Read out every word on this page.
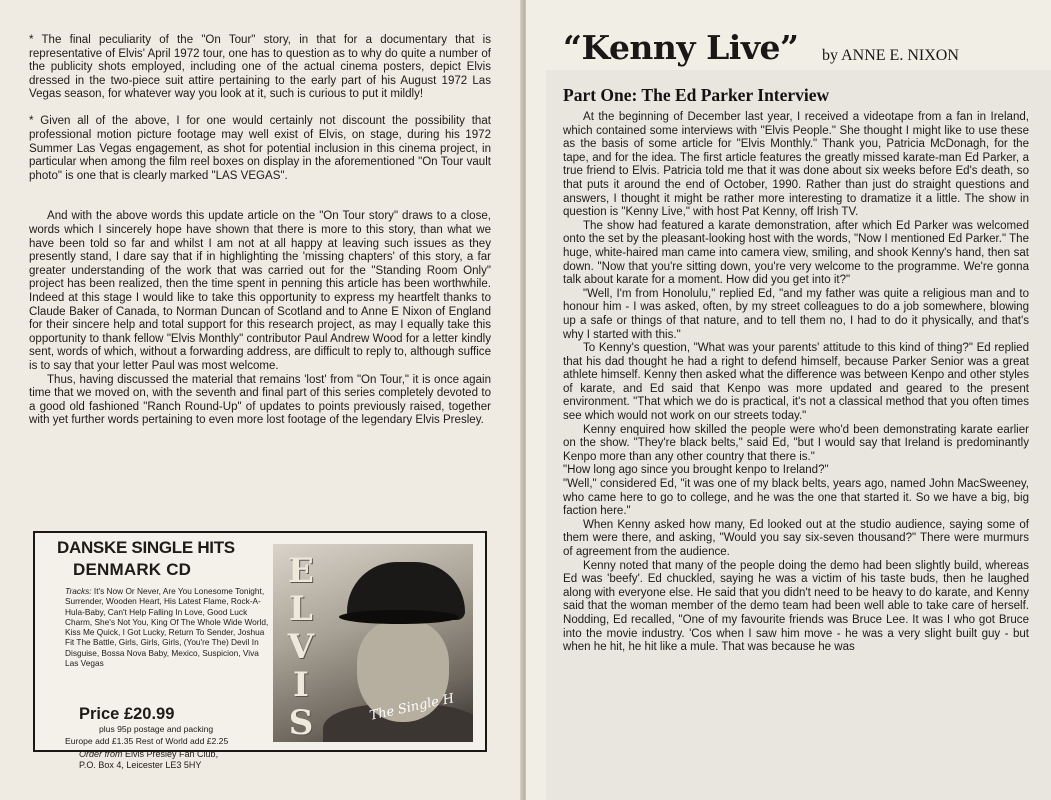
* The final peculiarity of the "On Tour" story, in that for a documentary that is representative of Elvis' April 1972 tour, one has to question as to why do quite a number of the publicity shots employed, including one of the actual cinema posters, depict Elvis dressed in the two-piece suit attire pertaining to the early part of his August 1972 Las Vegas season, for whatever way you look at it, such is curious to put it mildly!

* Given all of the above, I for one would certainly not discount the possibility that professional motion picture footage may well exist of Elvis, on stage, during his 1972 Summer Las Vegas engagement, as shot for potential inclusion in this cinema project, in particular when among the film reel boxes on display in the aforementioned "On Tour vault photo" is one that is clearly marked "LAS VEGAS".

And with the above words this update article on the "On Tour story" draws to a close, words which I sincerely hope have shown that there is more to this story, than what we have been told so far and whilst I am not at all happy at leaving such issues as they presently stand, I dare say that if in highlighting the 'missing chapters' of this story, a far greater understanding of the work that was carried out for the "Standing Room Only" project has been realized, then the time spent in penning this article has been worthwhile. Indeed at this stage I would like to take this opportunity to express my heartfelt thanks to Claude Baker of Canada, to Norman Duncan of Scotland and to Anne E Nixon of England for their sincere help and total support for this research project, as may I equally take this opportunity to thank fellow "Elvis Monthly" contributor Paul Andrew Wood for a letter kindly sent, words of which, without a forwarding address, are difficult to reply to, although suffice is to say that your letter Paul was most welcome.

Thus, having discussed the material that remains 'lost' from "On Tour," it is once again time that we moved on, with the seventh and final part of this series completely devoted to a good old fashioned "Ranch Round-Up" of updates to points previously raised, together with yet further words pertaining to even more lost footage of the legendary Elvis Presley.

DANSKE SINGLE HITS
DENMARK CD
Tracks: It's Now Or Never, Are You Lonesome Tonight, Surrender, Wooden Heart, His Latest Flame, Rock-A-Hula-Baby, Can't Help Falling In Love, Good Luck Charm, She's Not You, King Of The Whole Wide World, Kiss Me Quick, I Got Lucky, Return To Sender, Joshua Fit The Battle, Girls, Girls, Girls, (You're The) Devil In Disguise, Bossa Nova Baby, Mexico, Suspicion, Viva Las Vegas
Price £20.99
plus 95p postage and packing
Europe add £1.35 Rest of World add £2.25
Order from Elvis Presley Fan Club,
P.O. Box 4, Leicester LE3 5HY
E
L
V
I
S	The Single H
“Kenny Live” by ANNE E. NIXON
Part One: The Ed Parker Interview

At the beginning of December last year, I received a videotape from a fan in Ireland, which contained some interviews with "Elvis People." She thought I might like to use these as the basis of some article for "Elvis Monthly." Thank you, Patricia McDonagh, for the tape, and for the idea. The first article features the greatly missed karate-man Ed Parker, a true friend to Elvis. Patricia told me that it was done about six weeks before Ed's death, so that puts it around the end of October, 1990. Rather than just do straight questions and answers, I thought it might be rather more interesting to dramatize it a little. The show in question is "Kenny Live," with host Pat Kenny, off Irish TV.

The show had featured a karate demonstration, after which Ed Parker was welcomed onto the set by the pleasant-looking host with the words, "Now I mentioned Ed Parker." The huge, white-haired man came into camera view, smiling, and shook Kenny's hand, then sat down. "Now that you're sitting down, you're very welcome to the programme. We're gonna talk about karate for a moment. How did you get into it?"

"Well, I'm from Honolulu," replied Ed, "and my father was quite a religious man and to honour him - I was asked, often, by my street colleagues to do a job somewhere, blowing up a safe or things of that nature, and to tell them no, I had to do it physically, and that's why I started with this."

To Kenny's question, "What was your parents' attitude to this kind of thing?" Ed replied that his dad thought he had a right to defend himself, because Parker Senior was a great athlete himself. Kenny then asked what the difference was between Kenpo and other styles of karate, and Ed said that Kenpo was more updated and geared to the present environment. "That which we do is practical, it's not a classical method that you often times see which would not work on our streets today."

Kenny enquired how skilled the people were who'd been demonstrating karate earlier on the show. "They're black belts," said Ed, "but I would say that Ireland is predominantly Kenpo more than any other country that there is."

"How long ago since you brought kenpo to Ireland?"

"Well," considered Ed, "it was one of my black belts, years ago, named John MacSweeney, who came here to go to college, and he was the one that started it. So we have a big, big faction here."

When Kenny asked how many, Ed looked out at the studio audience, saying some of them were there, and asking, "Would you say six-seven thousand?" There were murmurs of agreement from the audience.

Kenny noted that many of the people doing the demo had been slightly build, whereas Ed was 'beefy'. Ed chuckled, saying he was a victim of his taste buds, then he laughed along with everyone else. He said that you didn't need to be heavy to do karate, and Kenny said that the woman member of the demo team had been well able to take care of herself. Nodding, Ed recalled, "One of my favourite friends was Bruce Lee. It was I who got Bruce into the movie industry. 'Cos when I saw him move - he was a very slight built guy - but when he hit, he hit like a mule. That was because he was
